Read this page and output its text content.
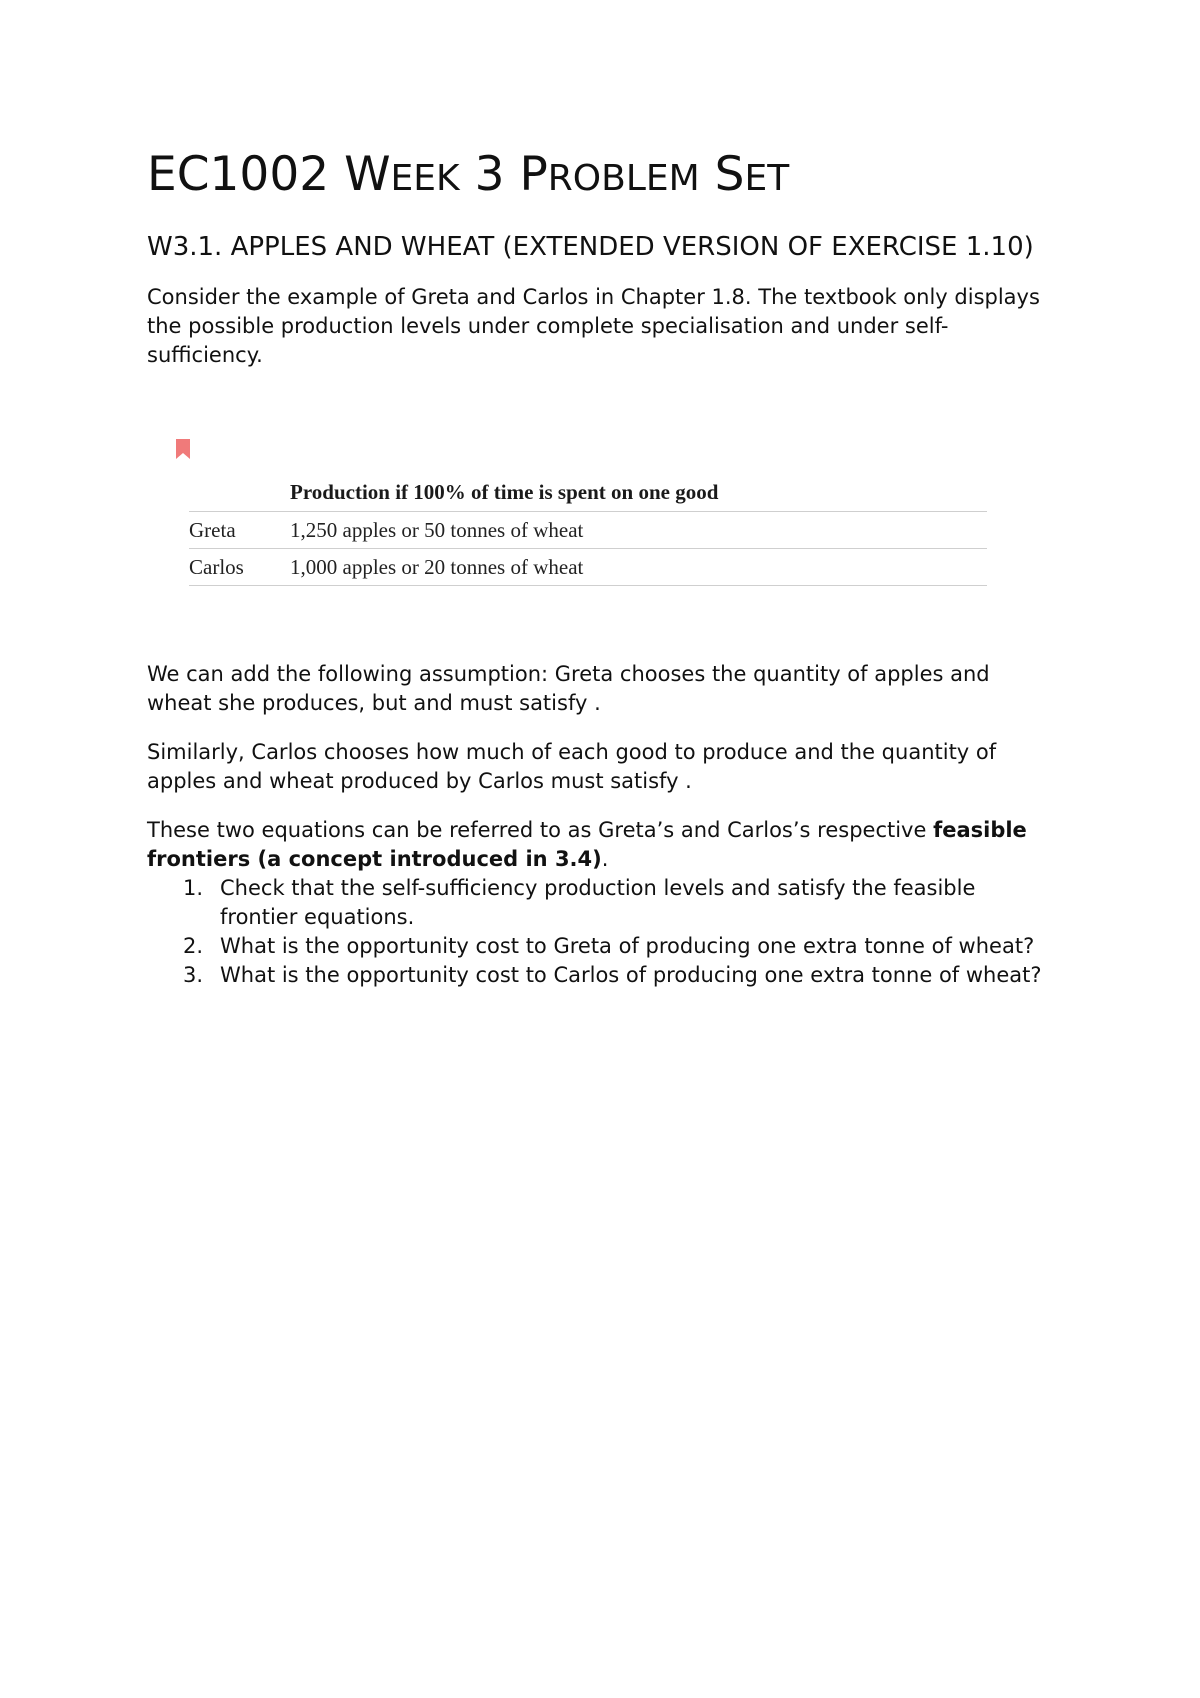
EC1002 WEEK 3 PROBLEM SET
W3.1. APPLES AND WHEAT (EXTENDED VERSION OF EXERCISE 1.10)

Consider the example of Greta and Carlos in Chapter 1.8. The textbook only displays the possible production levels under complete specialisation and under self-sufficiency.

Production if 100% of time is spent on one good
Greta	1,250 apples or 50 tonnes of wheat
Carlos 1,000 apples or 20 tonnes of wheat

We can add the following assumption: Greta chooses the quantity of apples and wheat she produces, but and must satisfy .

Similarly, Carlos chooses how much of each good to produce and the quantity of apples and wheat produced by Carlos must satisfy .

These two equations can be referred to as Greta’s and Carlos’s respective feasible frontiers (a concept introduced in 3.4).

1. Check that the self-sufficiency production levels and satisfy the feasible frontier equations.
2. What is the opportunity cost to Greta of producing one extra tonne of wheat?
3. What is the opportunity cost to Carlos of producing one extra tonne of wheat?
